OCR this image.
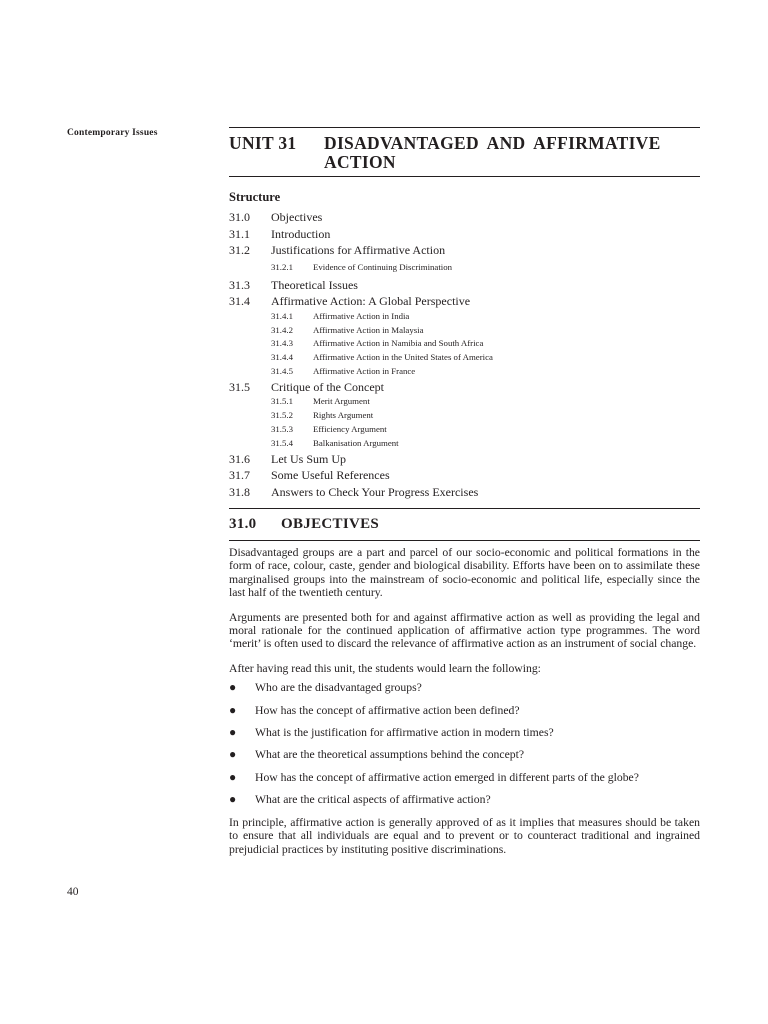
Contemporary Issues	UNIT 31	DISADVANTAGED AND AFFIRMATIVE ACTION
Structure
31.0	Objectives
31.1	Introduction
31.2	Justifications for Affirmative Action
31.2.1	Evidence of Continuing Discrimination
31.3	Theoretical Issues
31.4	Affirmative Action: A Global Perspective
31.4.1	Affirmative Action in India
31.4.2	Affirmative Action in Malaysia
31.4.3	Affirmative Action in Namibia and South Africa
31.4.4	Affirmative Action in the United States of America
31.4.5	Affirmative Action in France
31.5	Critique of the Concept
31.5.1	Merit Argument
31.5.2	Rights Argument
31.5.3	Efficiency Argument
31.5.4	Balkanisation Argument
31.6	Let Us Sum Up
31.7	Some Useful References
31.8	Answers to Check Your Progress Exercises
31.0	OBJECTIVES

Disadvantaged groups are a part and parcel of our socio-economic and political formations in the form of race, colour, caste, gender and biological disability. Efforts have been on to assimilate these marginalised groups into the mainstream of socio-economic and political life, especially since the last half of the twentieth century.

Arguments are presented both for and against affirmative action as well as providing the legal and moral rationale for the continued application of affirmative action type programmes. The word ‘merit’ is often used to discard the relevance of affirmative action as an instrument of social change.

After having read this unit, the students would learn the following:

●	Who are the disadvantaged groups?
●	How has the concept of affirmative action been defined?
●	What is the justification for affirmative action in modern times?
●	What are the theoretical assumptions behind the concept?
●	How has the concept of affirmative action emerged in different parts of the globe?
●	What are the critical aspects of affirmative action?

In principle, affirmative action is generally approved of as it implies that measures should be taken to ensure that all individuals are equal and to prevent or to counteract traditional and ingrained prejudicial practices by instituting positive discriminations.

40
